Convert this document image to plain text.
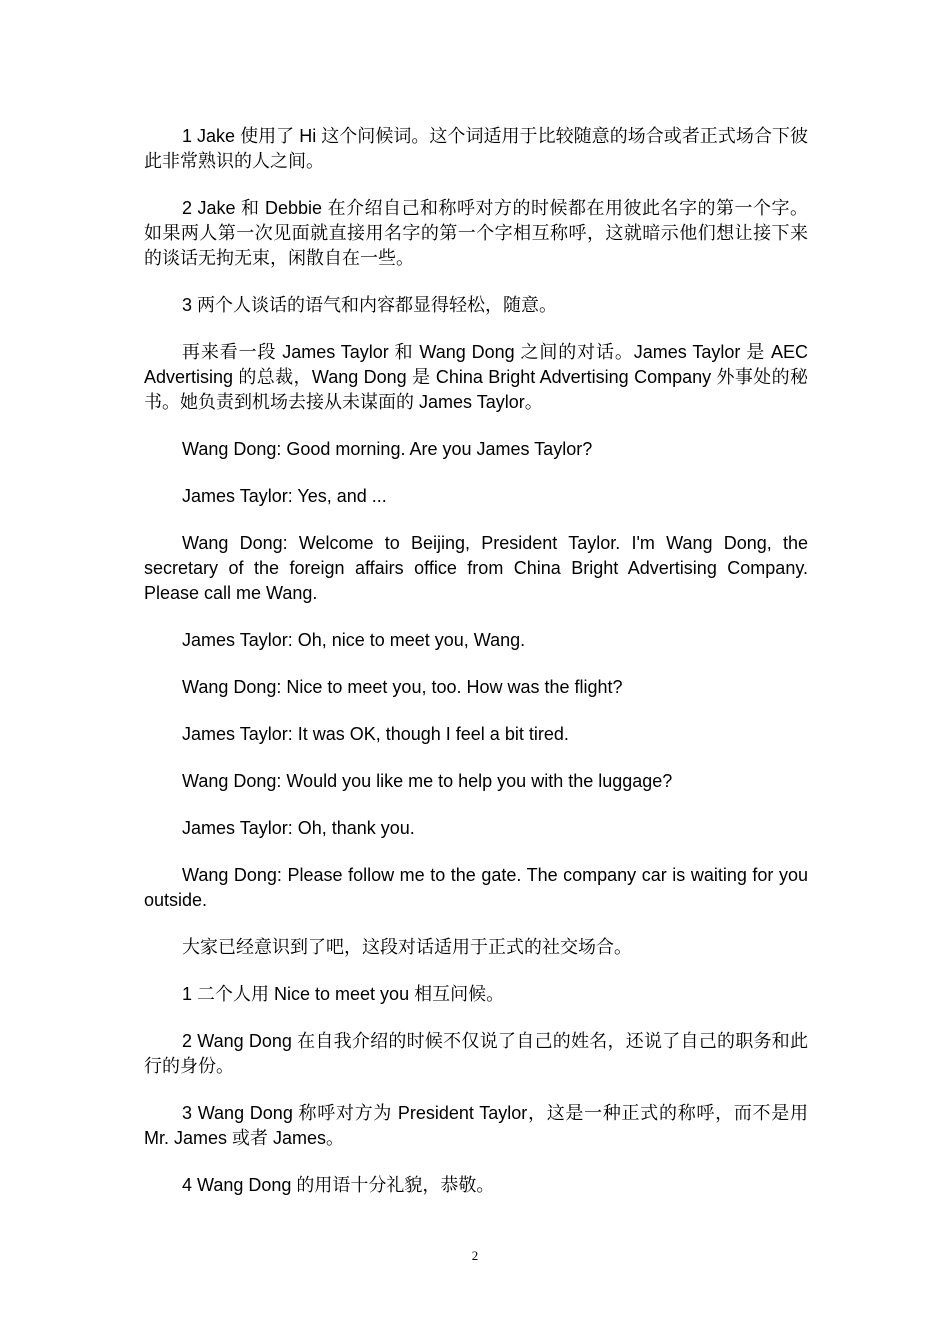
1 Jake 使用了 Hi 这个问候词。这个词适用于比较随意的场合或者正式场合下彼此非常熟识的人之间。

2 Jake 和 Debbie 在介绍自己和称呼对方的时候都在用彼此名字的第一个字。如果两人第一次见面就直接用名字的第一个字相互称呼，这就暗示他们想让接下来的谈话无拘无束，闲散自在一些。

3 两个人谈话的语气和内容都显得轻松，随意。

再来看一段 James Taylor 和 Wang Dong 之间的对话。James Taylor 是 AEC Advertising 的总裁，Wang Dong 是 China Bright Advertising Company 外事处的秘书。她负责到机场去接从未谋面的 James Taylor。

Wang Dong: Good morning. Are you James Taylor?

James Taylor: Yes, and ...

Wang Dong: Welcome to Beijing, President Taylor. I'm Wang Dong, the secretary of the foreign affairs office from China Bright Advertising Company. Please call me Wang.

James Taylor: Oh, nice to meet you, Wang.

Wang Dong: Nice to meet you, too. How was the flight?

James Taylor: It was OK, though I feel a bit tired.

Wang Dong: Would you like me to help you with the luggage?

James Taylor: Oh, thank you.

Wang Dong: Please follow me to the gate. The company car is waiting for you outside.

大家已经意识到了吧，这段对话适用于正式的社交场合。

1 二个人用 Nice to meet you 相互问候。

2 Wang Dong 在自我介绍的时候不仅说了自己的姓名，还说了自己的职务和此行的身份。

3 Wang Dong 称呼对方为 President Taylor，这是一种正式的称呼，而不是用 Mr. James 或者 James。

4 Wang Dong 的用语十分礼貌，恭敬。

2
